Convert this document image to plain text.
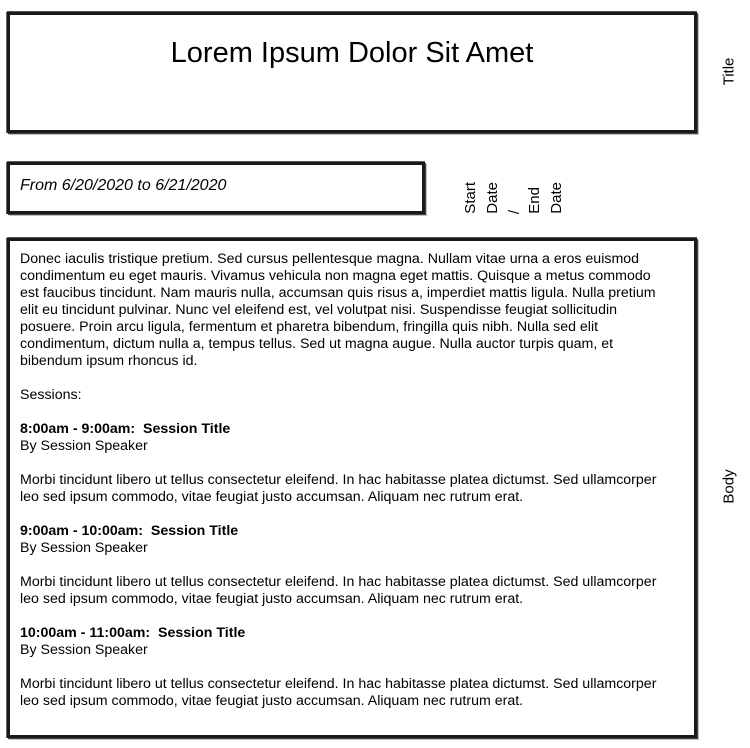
Lorem Ipsum Dolor Sit Amet
Title
From 6/20/2020 to 6/21/2020	Start Date / End Date

Donec iaculis tristique pretium. Sed cursus pellentesque magna. Nullam vitae urna a eros euismod condimentum eu eget mauris. Vivamus vehicula non magna eget mattis. Quisque a metus commodo est faucibus tincidunt. Nam mauris nulla, accumsan quis risus a, imperdiet mattis ligula. Nulla pretium elit eu tincidunt pulvinar. Nunc vel eleifend est, vel volutpat nisi. Suspendisse feugiat sollicitudin posuere. Proin arcu ligula, fermentum et pharetra bibendum, fringilla quis nibh. Nulla sed elit condimentum, dictum nulla a, tempus tellus. Sed ut magna augue. Nulla auctor turpis quam, et bibendum ipsum rhoncus id.

Sessions:

8:00am - 9:00am: Session Title

By Session Speaker

Morbi tincidunt libero ut tellus consectetur eleifend. In hac habitasse platea dictumst. Sed ullamcorper leo sed ipsum commodo, vitae feugiat justo accumsan. Aliquam nec rutrum erat.

9:00am - 10:00am: Session Title

By Session Speaker

Morbi tincidunt libero ut tellus consectetur eleifend. In hac habitasse platea dictumst. Sed ullamcorper leo sed ipsum commodo, vitae feugiat justo accumsan. Aliquam nec rutrum erat.

10:00am - 11:00am: Session Title

By Session Speaker

Morbi tincidunt libero ut tellus consectetur eleifend. In hac habitasse platea dictumst. Sed ullamcorper leo sed ipsum commodo, vitae feugiat justo accumsan. Aliquam nec rutrum erat.

Body
